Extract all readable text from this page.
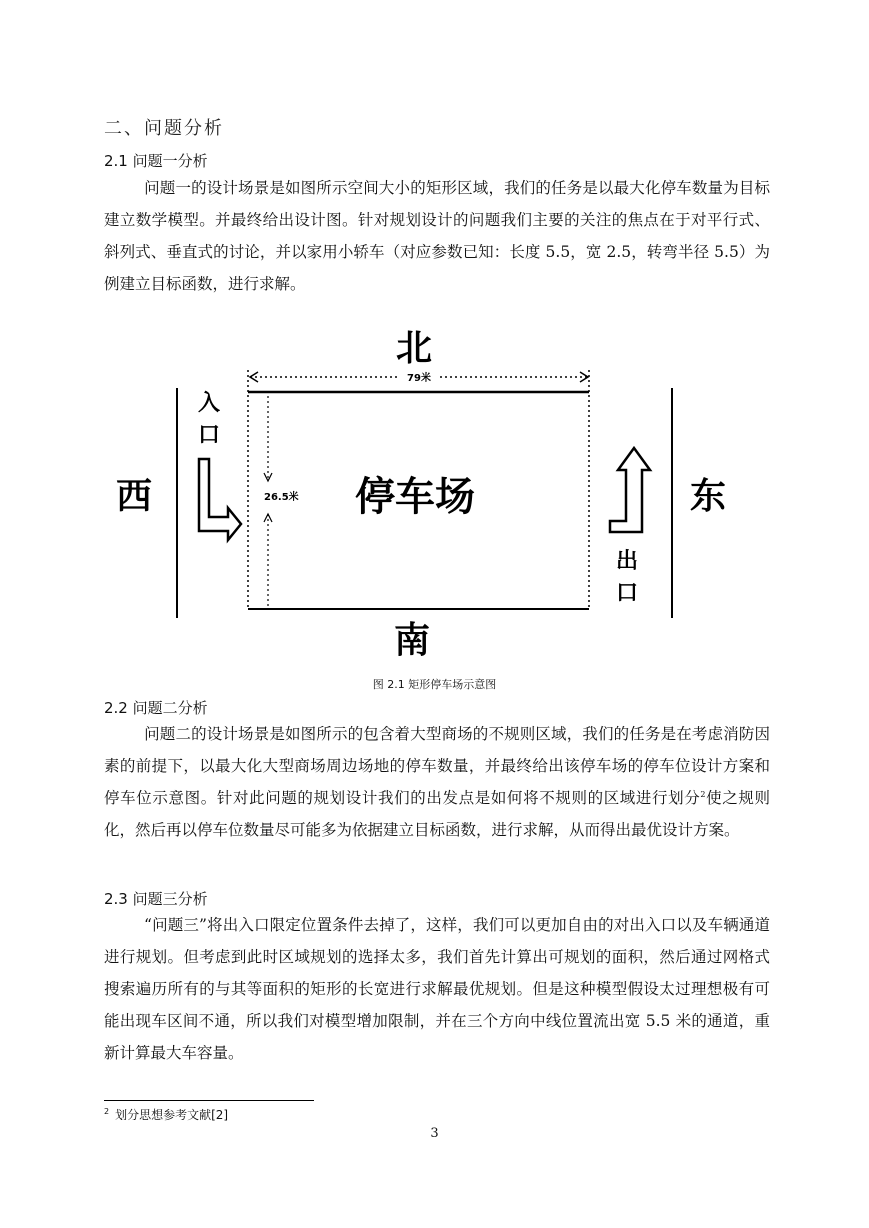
二、问题分析
2.1 问题一分析
问题一的设计场景是如图所示空间大小的矩形区域，我们的任务是以最大化停车数量为目标建立数学模型。并最终给出设计图。针对规划设计的问题我们主要的关注的焦点在于对平行式、斜列式、垂直式的讨论，并以家用小轿车（对应参数已知：长度 5.5，宽 2.5，转弯半径 5.5）为例建立目标函数，进行求解。
北
79米
26.5米 停车场
西
入
口
出
口
东
南
图 2.1 矩形停车场示意图
2.2 问题二分析
问题二的设计场景是如图所示的包含着大型商场的不规则区域，我们的任务是在考虑消防因素的前提下，以最大化大型商场周边场地的停车数量，并最终给出该停车场的停车位设计方案和停车位示意图。针对此问题的规划设计我们的出发点是如何将不规则的区域进行划分$^2$使之规则化，然后再以停车位数量尽可能多为依据建立目标函数，进行求解，从而得出最优设计方案。
2.3 问题三分析
“问题三”将出入口限定位置条件去掉了，这样，我们可以更加自由的对出入口以及车辆通道进行规划。但考虑到此时区域规划的选择太多，我们首先计算出可规划的面积，然后通过网格式搜索遍历所有的与其等面积的矩形的长宽进行求解最优规划。但是这种模型假设太过理想极有可能出现车区间不通，所以我们对模型增加限制，并在三个方向中线位置流出宽 5.5 米的通道，重新计算最大车容量。
$^2$ 划分思想参考文献[2]
3
